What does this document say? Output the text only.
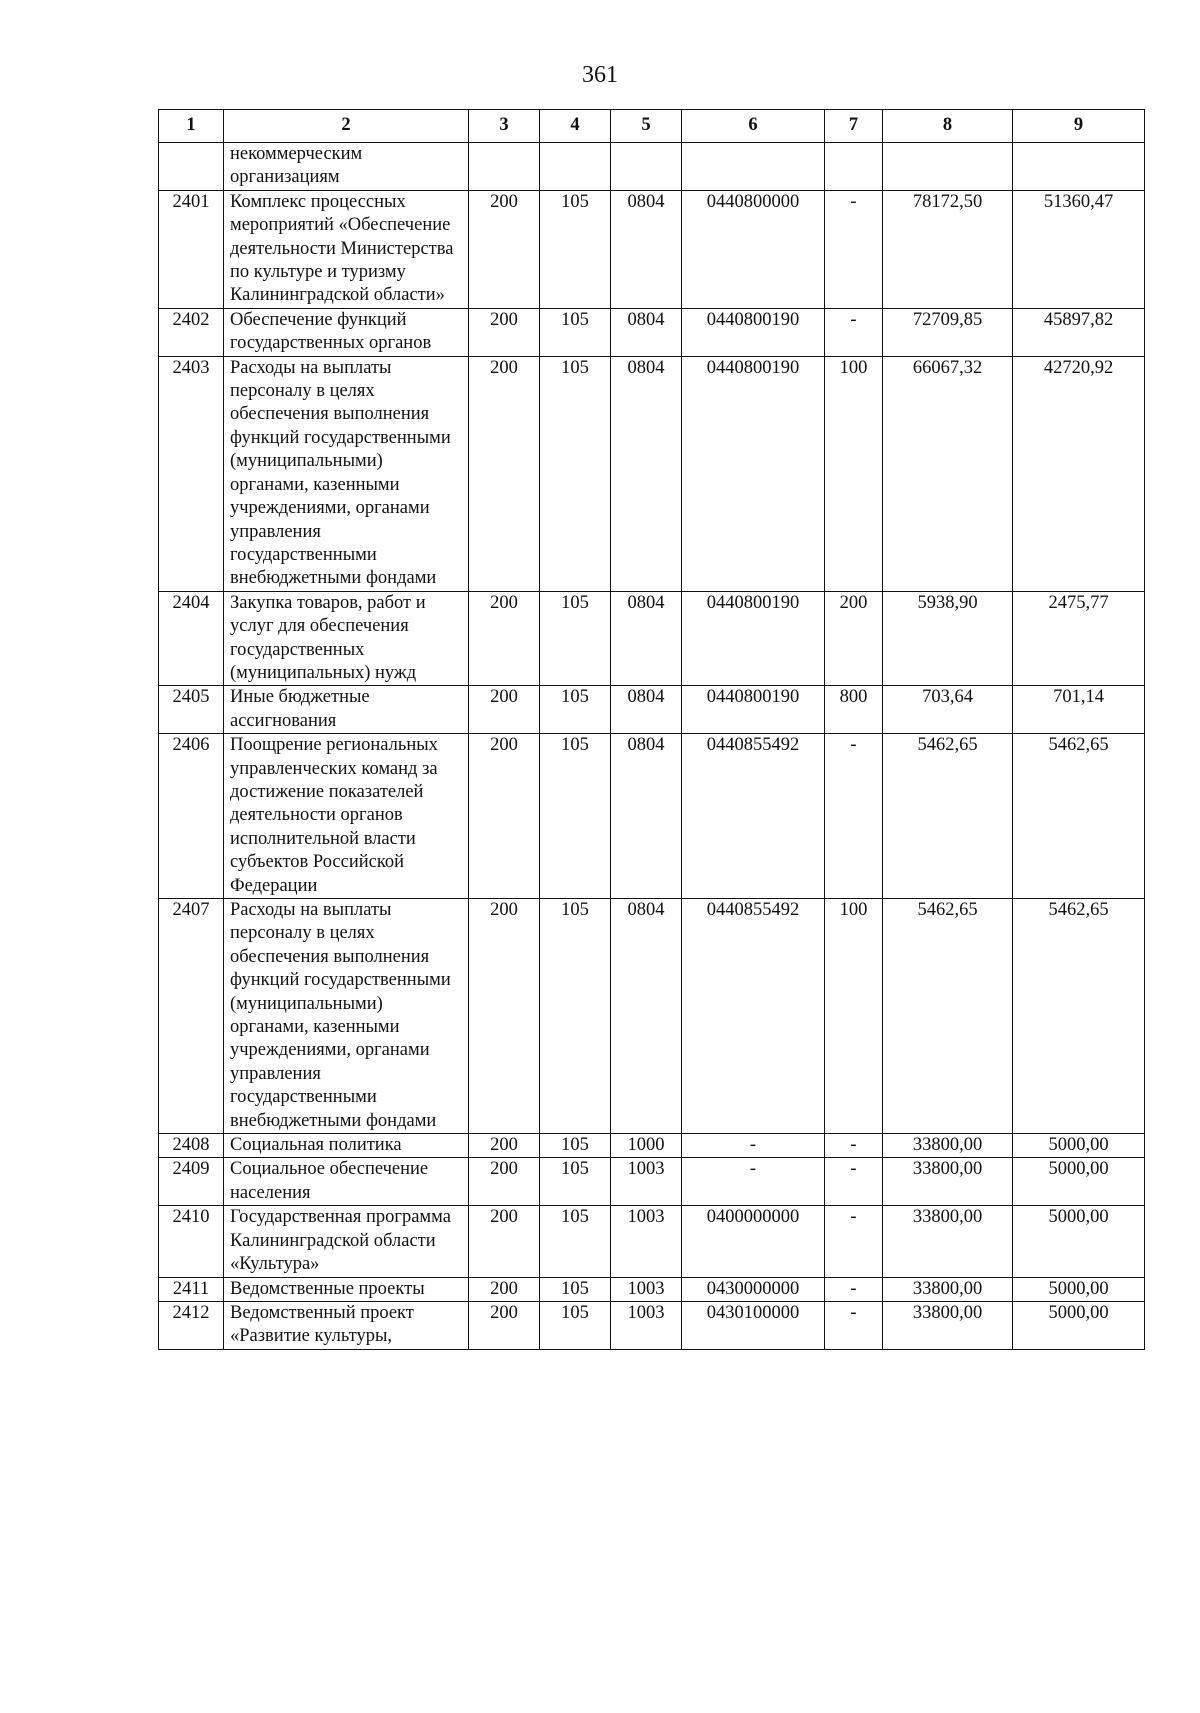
361
1	2	3	4	5	6	7	8	9
	некоммерческим организациям							
2401	Комплекс процессных мероприятий «Обеспечение деятельности Министерства по культуре и туризму Калининградской области»	200	105	0804	0440800000	-	78172,50	51360,47
2402	Обеспечение функций государственных органов	200	105	0804	0440800190	-	72709,85	45897,82
2403	Расходы на выплаты персоналу в целях обеспечения выполнения функций государственными (муниципальными) органами, казенными учреждениями, органами управления государственными внебюджетными фондами	200	105	0804	0440800190	100	66067,32	42720,92
2404	Закупка товаров, работ и услуг для обеспечения государственных (муниципальных) нужд	200	105	0804	0440800190	200	5938,90	2475,77
2405	Иные бюджетные ассигнования	200	105	0804	0440800190	800	703,64	701,14
2406	Поощрение региональных управленческих команд за достижение показателей деятельности органов исполнительной власти субъектов Российской Федерации	200	105	0804	0440855492	-	5462,65	5462,65
2407	Расходы на выплаты персоналу в целях обеспечения выполнения функций государственными (муниципальными) органами, казенными учреждениями, органами управления государственными внебюджетными фондами	200	105	0804	0440855492	100	5462,65	5462,65
2408	Социальная политика	200	105	1000	-	-	33800,00	5000,00
2409	Социальное обеспечение населения	200	105	1003	-	-	33800,00	5000,00
2410	Государственная программа Калининградской области «Культура»	200	105	1003	0400000000	-	33800,00	5000,00
2411	Ведомственные проекты	200	105	1003	0430000000	-	33800,00	5000,00
2412	Ведомственный проект «Развитие культуры,	200	105	1003	0430100000	-	33800,00	5000,00
